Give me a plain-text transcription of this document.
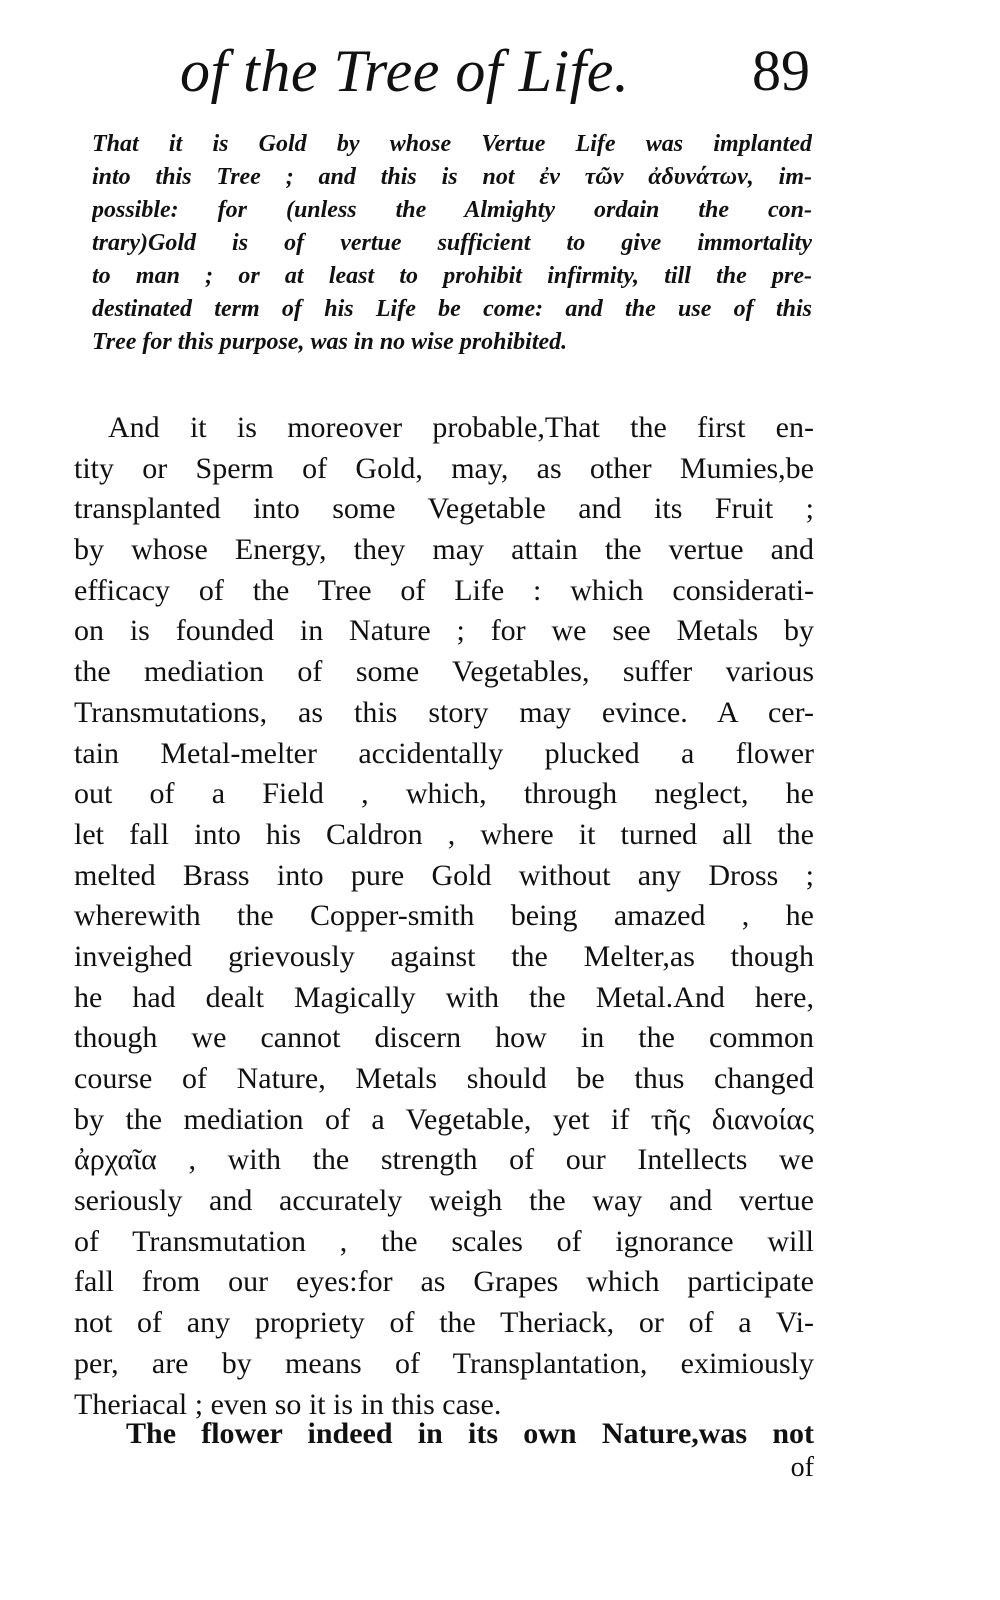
of the Tree of Life. 89
That it is Gold by whose Vertue Life was implanted
into this Tree ; and this is not ἐν τῶν ἀδυνάτων, im-
possible: for (unless the Almighty ordain the con-
trary)Gold is of vertue sufficient to give immortality
to man ; or at least to prohibit infirmity, till the pre-
destinated term of his Life be come: and the use of this
Tree for this purpose, was in no wise prohibited.
And it is moreover probable,That the first en-
tity or Sperm of Gold, may, as other Mumies,be
transplanted into some Vegetable and its Fruit ;
by whose Energy, they may attain the vertue and
efficacy of the Tree of Life : which considerati-
on is founded in Nature ; for we see Metals by
the mediation of some Vegetables, suffer various
Transmutations, as this story may evince. A cer-
tain Metal-melter accidentally plucked a flower
out of a Field , which, through neglect, he
let fall into his Caldron , where it turned all the
melted Brass into pure Gold without any Dross ;
wherewith the Copper-smith being amazed , he
inveighed grievously against the Melter,as though
he had dealt Magically with the Metal.And here,
though we cannot discern how in the common
course of Nature, Metals should be thus changed
by the mediation of a Vegetable, yet if τῆς διανοίας
ἀρχαῖα , with the strength of our Intellects we
seriously and accurately weigh the way and vertue
of Transmutation , the scales of ignorance will
fall from our eyes:for as Grapes which participate
not of any propriety of the Theriack, or of a Vi-
per, are by means of Transplantation, eximiously
Theriacal ; even so it is in this case.
The flower indeed in its own Nature,was not
of
